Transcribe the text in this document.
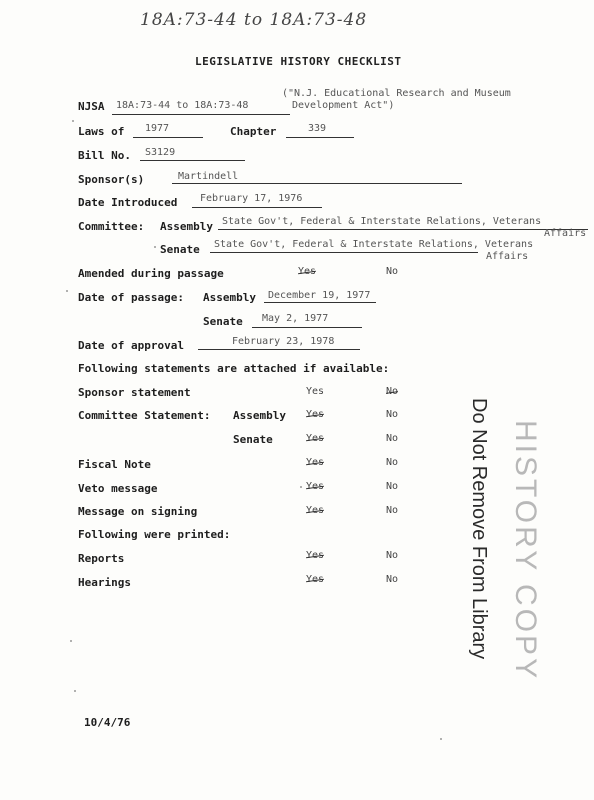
18A:73-44 to 18A:73-48
LEGISLATIVE HISTORY CHECKLIST
NJSA 18A:73-44 to 18A:73-48
("N.J. Educational Research and Museum
Development Act")
Laws of 1977	Chapter	339
Bill No. S3129
Sponsor(s)	Martindell
Date Introduced February 17, 1976
Committee: Assembly State Gov't, Federal & Interstate Relations, Veterans
Affairs
Senate State Gov't, Federal & Interstate Relations, Veterans
Affairs
Amended during passage	Yes	No
Date of passage: Assembly December 19, 1977
Senate May 2, 1977
Date of approval	February 23, 1978
Following statements are attached if available:
Sponsor statement	Yes	No
Committee Statement: Assembly Yes	No
Senate	Yes	No
Fiscal Note	Yes	No
Veto message	Yes	No
Message on signing	Yes	No
Following were printed:
Reports	Yes	No
Hearings	Yes	No
10/4/76
Do Not Remove From Library HISTORY COPY
